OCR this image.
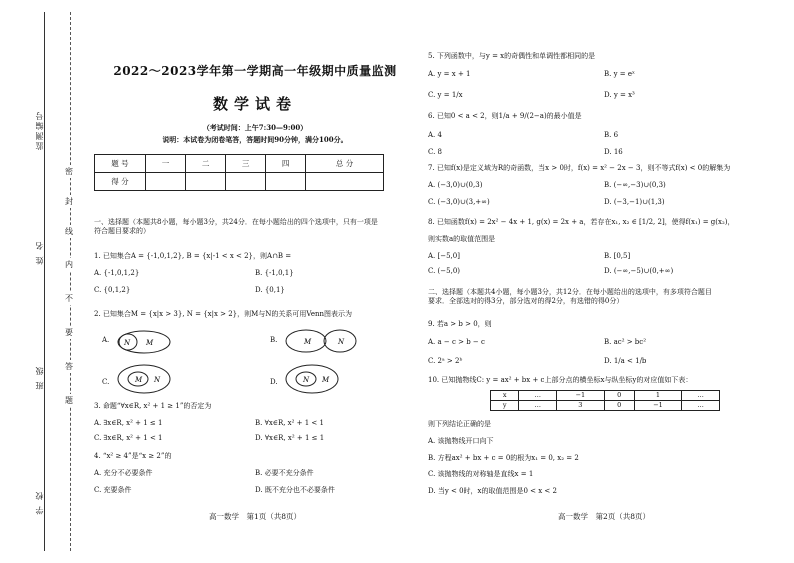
监测编号
姓 名
班 级
学 校
密
封
线
内
不
要
答
题
2022～2023学年第一学期高一年级期中质量监测
数学试卷
（考试时间：上午7:30—9:00）
说明：本试卷为闭卷笔答，答题时间90分钟，满分100分。
题 号	一	二	三	四	总 分
得 分					
一、选择题（本题共8小题，每小题3分，共24分．在每小题给出的四个选项中，只有一项是
符合题目要求的）
1. 已知集合A = {-1,0,1,2}, B = {x|-1 < x < 2}，则A∩B =
A. {-1,0,1,2}	B. {-1,0,1}
C. {0,1,2}	D. {0,1}
2. 已知集合M = {x|x > 3}, N = {x|x > 2}，则M与N的关系可用Venn图表示为
A. N M	B.	M	N
C.	M N	D.	N M
3. 命题“∀x∈R, x² + 1 ≥ 1”的否定为
A. ∃x∈R, x² + 1 ≤ 1	B. ∀x∈R, x² + 1 < 1
C. ∃x∈R, x² + 1 < 1	D. ∀x∈R, x² + 1 ≤ 1
4. “x² ≥ 4”是“x ≥ 2”的
A. 充分不必要条件	B. 必要不充分条件
C. 充要条件	D. 既不充分也不必要条件
高一数学　第1页（共8页）
5. 下列函数中，与y = x的奇偶性和单调性都相同的是
A. y = x + 1	B. y = eˣ
C. y = 1/x	D. y = x³
6. 已知0 < a < 2，则1/a + 9/(2−a)的最小值是
A. 4	B. 6
C. 8	D. 16
7. 已知f(x)是定义域为R的奇函数，当x > 0时，f(x) = x² − 2x − 3，则不等式f(x) < 0的解集为
A. (−3,0)∪(0,3)	B. (−∞,−3)∪(0,3)
C. (−3,0)∪(3,+∞)	D. (−3,−1)∪(1,3)
8. 已知函数f(x) = 2x² − 4x + 1, g(x) = 2x + a，若存在x₁, x₂ ∈ [1/2, 2]，使得f(x₁) = g(x₂)，
则实数a的取值范围是
A. [−5,0]	B. [0,5]
C. (−5,0)	D. (−∞,−5)∪(0,+∞)
二、选择题（本题共4小题，每小题3分，共12分．在每小题给出的选项中，有多项符合题目
要求．全部选对的得3分，部分选对的得2分，有选错的得0分）
9. 若a > b > 0，则
A. a − c > b − c	B. ac² > bc²
C. 2ᵃ > 2ᵇ	D. 1/a < 1/b
10. 已知抛物线C: y = ax² + bx + c上部分点的横坐标x与纵坐标y的对应值如下表：
x	…	−1	0	1	…
y	…	3	0	−1	…
则下列结论正确的是
A. 该抛物线开口向下
B. 方程ax² + bx + c = 0的根为x₁ = 0, x₂ = 2
C. 该抛物线的对称轴是直线x = 1
D. 当y < 0时，x的取值范围是0 < x < 2
高一数学　第2页（共8页）
